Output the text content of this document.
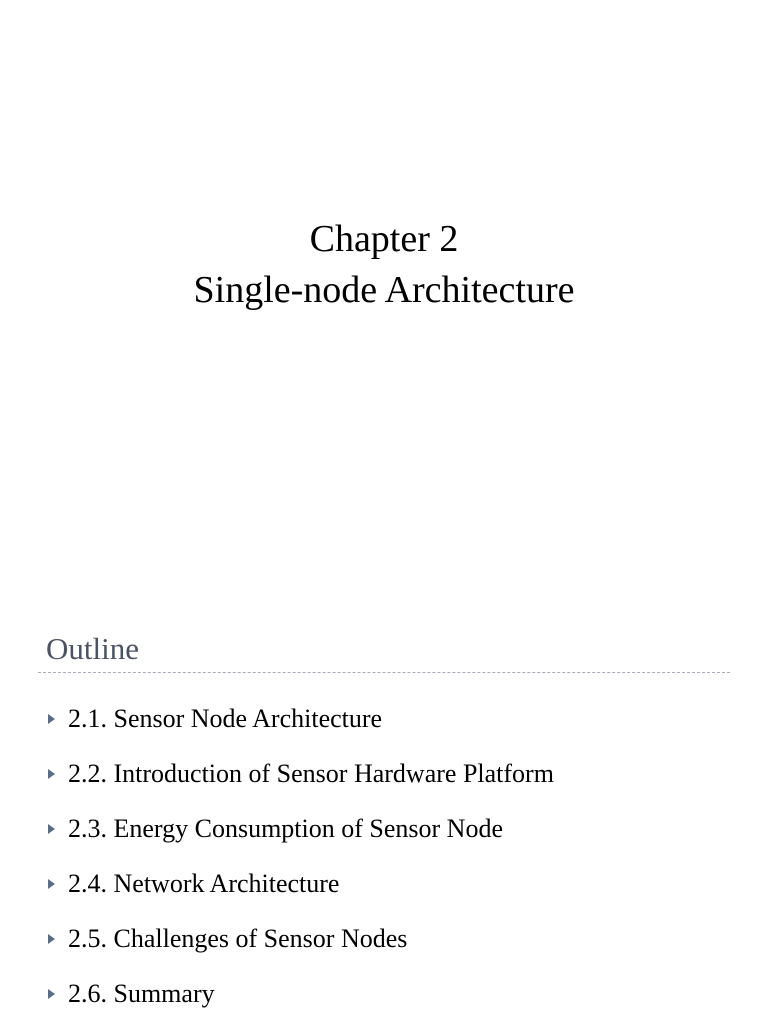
Chapter 2
Single-node Architecture
Outline
2.1. Sensor Node Architecture
2.2. Introduction of Sensor Hardware Platform
2.3. Energy Consumption of Sensor Node
2.4. Network Architecture
2.5. Challenges of Sensor Nodes
2.6. Summary
